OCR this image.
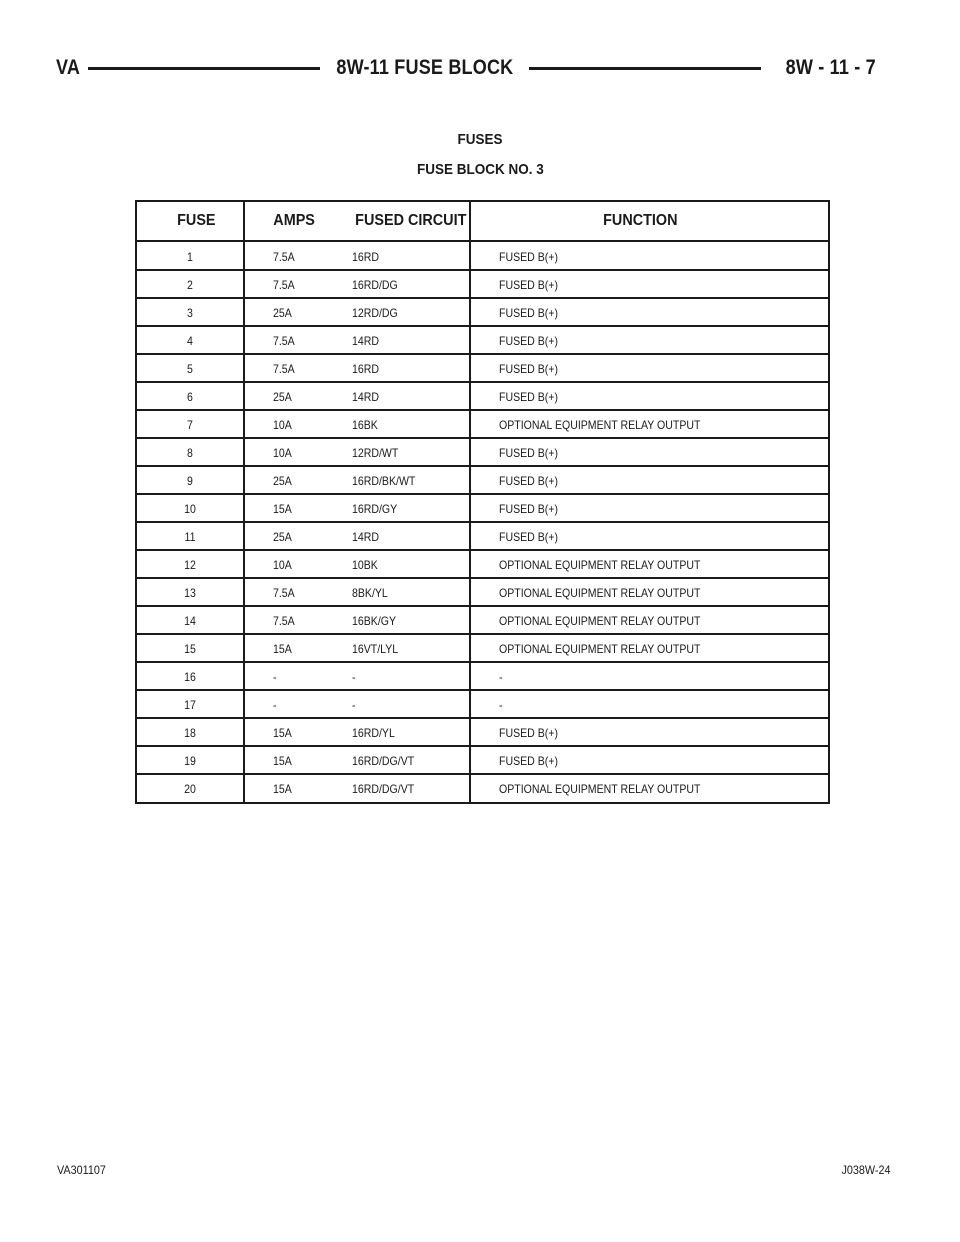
VA	8W-11 FUSE BLOCK	8W - 11 - 7
FUSES
FUSE BLOCK NO. 3
FUSE	AMPS	FUSED CIRCUIT	FUNCTION
1	7.5A	16RD	FUSED B(+)
2	7.5A	16RD/DG	FUSED B(+)
3	25A	12RD/DG	FUSED B(+)
4	7.5A	14RD	FUSED B(+)
5	7.5A	16RD	FUSED B(+)
6	25A	14RD	FUSED B(+)
7	10A	16BK	OPTIONAL EQUIPMENT RELAY OUTPUT
8	10A	12RD/WT	FUSED B(+)
9	25A	16RD/BK/WT	FUSED B(+)
10	15A	16RD/GY	FUSED B(+)
11	25A	14RD	FUSED B(+)
12	10A	10BK	OPTIONAL EQUIPMENT RELAY OUTPUT
13	7.5A	8BK/YL	OPTIONAL EQUIPMENT RELAY OUTPUT
14	7.5A	16BK/GY	OPTIONAL EQUIPMENT RELAY OUTPUT
15	15A	16VT/LYL	OPTIONAL EQUIPMENT RELAY OUTPUT
16	-	-	-
17	-	-	-
18	15A	16RD/YL	FUSED B(+)
19	15A	16RD/DG/VT	FUSED B(+)
20	15A	16RD/DG/VT	OPTIONAL EQUIPMENT RELAY OUTPUT
VA301107	J038W-24
